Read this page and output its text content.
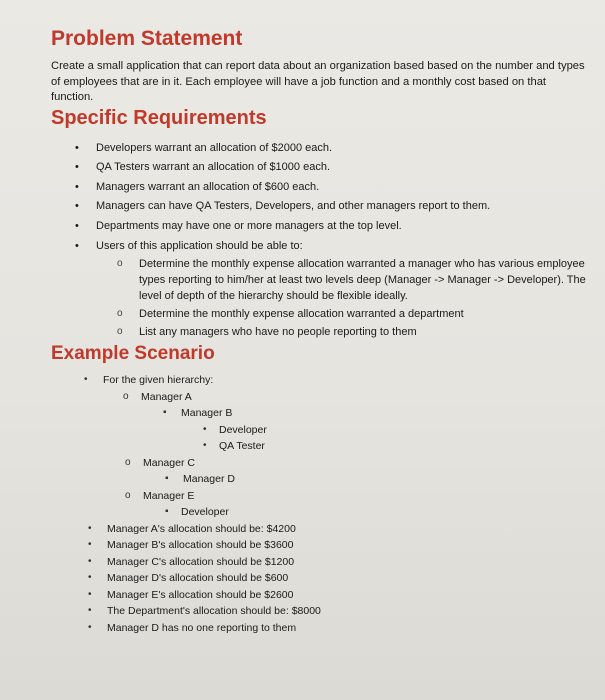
Problem Statement

Create a small application that can report data about an organization based based on the number and types of employees that are in it. Each employee will have a job function and a monthly cost based on that function.

Specific Requirements
• Developers warrant an allocation of $2000 each.
• QA Testers warrant an allocation of $1000 each.
• Managers warrant an allocation of $600 each.
• Managers can have QA Testers, Developers, and other managers report to them.
• Departments may have one or more managers at the top level.
• Users of this application should be able to:
o Determine the monthly expense allocation warranted a manager who has various employee types reporting to him/her at least two levels deep (Manager -> Manager -> Developer). The level of depth of the hierarchy should be flexible ideally.
o Determine the monthly expense allocation warranted a department
o List any managers who have no people reporting to them
Example Scenario
• For the given hierarchy:
o Manager A
▪ Manager B
• Developer
• QA Tester
o Manager C
▪ Manager D
o Manager E
▪ Developer
• Manager A's allocation should be: $4200
• Manager B's allocation should be $3600
• Manager C's allocation should be $1200
• Manager D's allocation should be $600
• Manager E's allocation should be $2600
• The Department's allocation should be: $8000
• Manager D has no one reporting to them
